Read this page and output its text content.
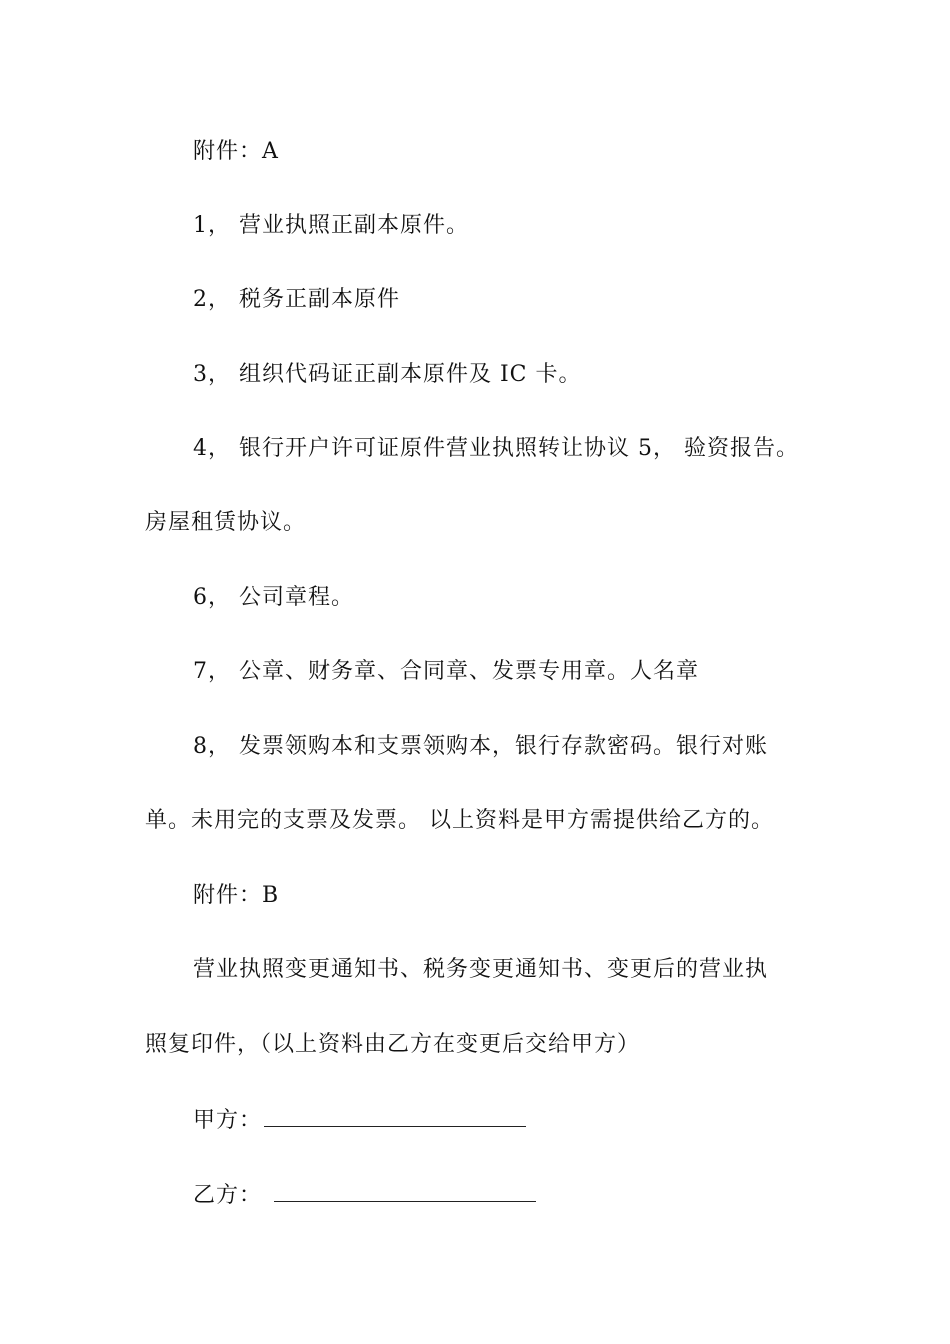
附件：A
1， 营业执照正副本原件。
2， 税务正副本原件
3， 组织代码证正副本原件及 IC 卡。
4， 银行开户许可证原件营业执照转让协议 5， 验资报告。
房屋租赁协议。
6， 公司章程。
7， 公章、财务章、合同章、发票专用章。人名章
8， 发票领购本和支票领购本，银行存款密码。银行对账
单。未用完的支票及发票。 以上资料是甲方需提供给乙方的。
附件：B
营业执照变更通知书、税务变更通知书、变更后的营业执
照复印件，（以上资料由乙方在变更后交给甲方）
甲方：
乙方：
